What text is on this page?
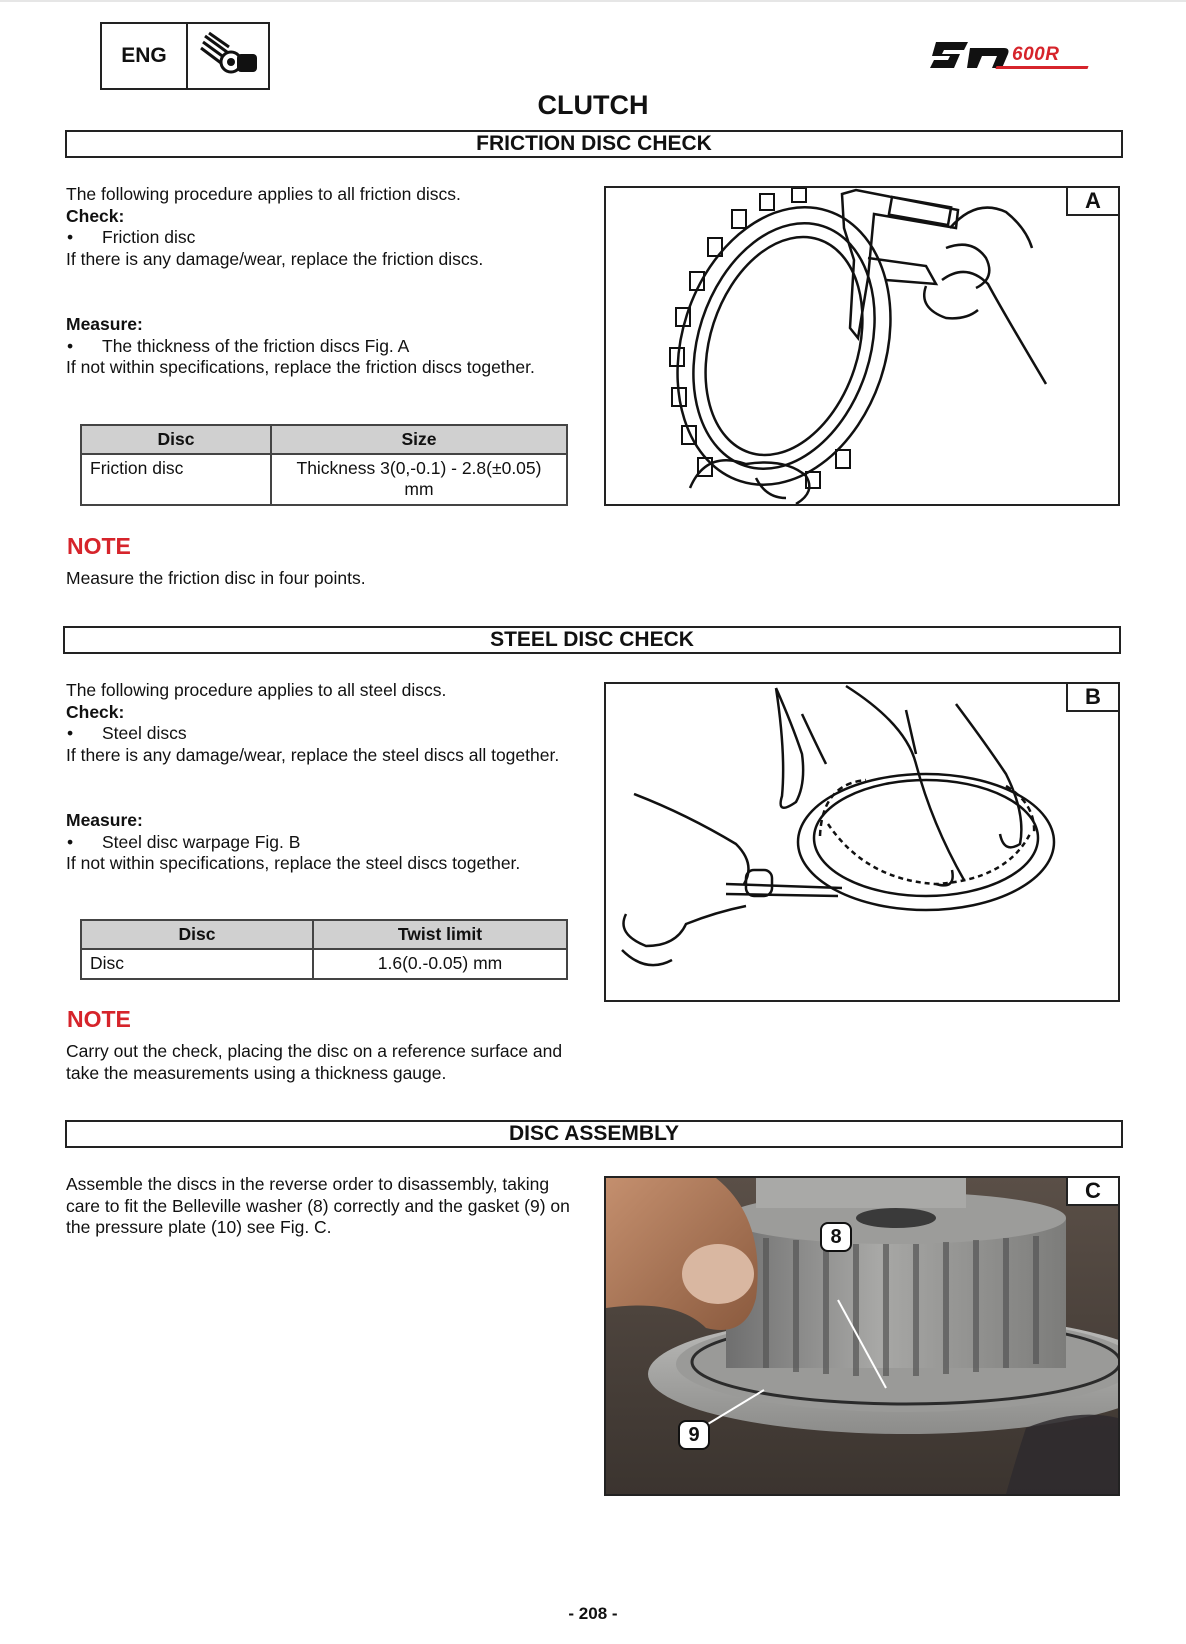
ENG	600R
CLUTCH
FRICTION DISC CHECK

The following procedure applies to all friction discs.

Check:

• Friction disc

If there is any damage/wear, replace the friction discs.

Measure:

• The thickness of the friction discs Fig. A

If not within specifications, replace the friction discs together.

Disc	Size
Friction disc	Thickness 3(0,-0.1) - 2.8(±0.05) mm
NOTE
Measure the friction disc in four points.
A
STEEL DISC CHECK

The following procedure applies to all steel discs.

Check:

• Steel discs

If there is any damage/wear, replace the steel discs all together.

Measure:

• Steel disc warpage Fig. B

If not within specifications, replace the steel discs together.

Disc	Twist limit
Disc	1.6(0.-0.05) mm
NOTE
Carry out the check, placing the disc on a reference surface and take the measurements using a thickness gauge.
B
DISC ASSEMBLY
Assemble the discs in the reverse order to disassembly, taking care to fit the Belleville washer (8) correctly and the gasket (9) on the pressure plate (10) see Fig. C.
C
8
9
- 208 -
